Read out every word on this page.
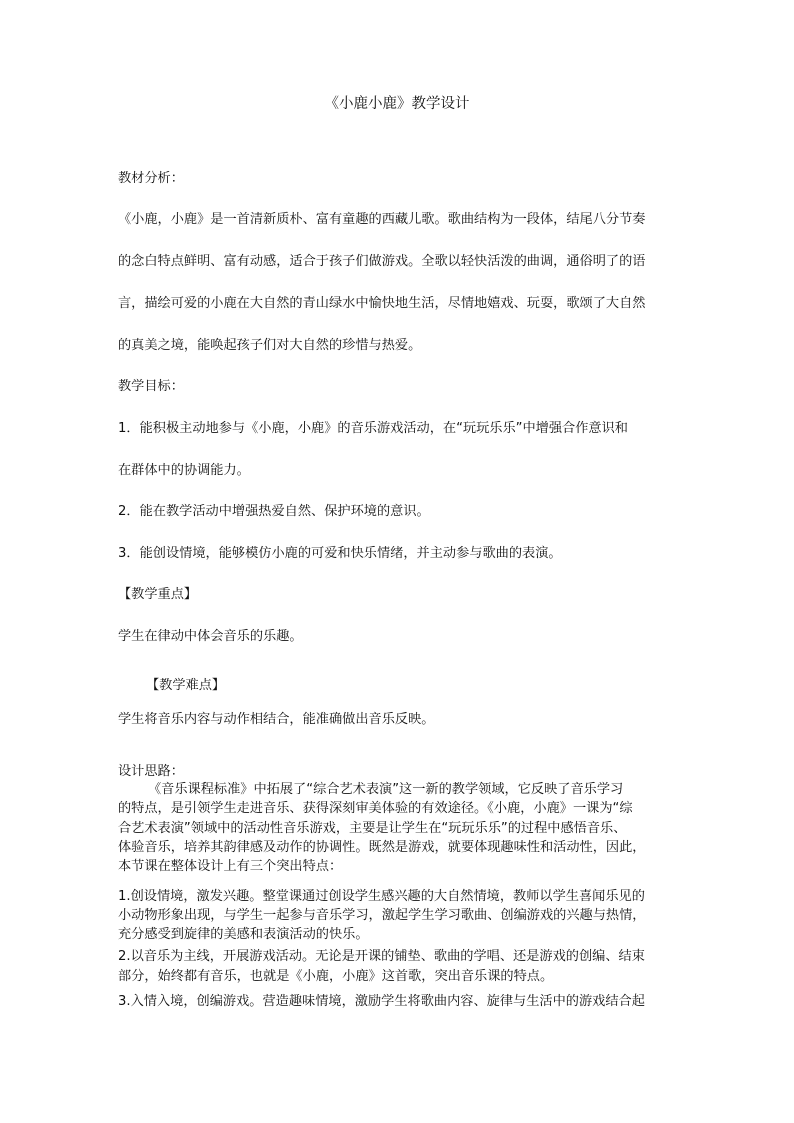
《小鹿小鹿》教学设计
教材分析：
《小鹿，小鹿》是一首清新质朴、富有童趣的西藏儿歌。歌曲结构为一段体，结尾八分节奏
的念白特点鲜明、富有动感，适合于孩子们做游戏。全歌以轻快活泼的曲调，通俗明了的语
言，描绘可爱的小鹿在大自然的青山绿水中愉快地生活，尽情地嬉戏、玩耍，歌颂了大自然
的真美之境，能唤起孩子们对大自然的珍惜与热爱。
教学目标：
1．能积极主动地参与《小鹿，小鹿》的音乐游戏活动，在“玩玩乐乐”中增强合作意识和
在群体中的协调能力。
2．能在教学活动中增强热爱自然、保护环境的意识。
3．能创设情境，能够模仿小鹿的可爱和快乐情绪，并主动参与歌曲的表演。
【教学重点】
学生在律动中体会音乐的乐趣。
【教学难点】
学生将音乐内容与动作相结合，能准确做出音乐反映。
设计思路：
《音乐课程标准》中拓展了“综合艺术表演”这一新的教学领域，它反映了音乐学习
的特点，是引领学生走进音乐、获得深刻审美体验的有效途径。《小鹿，小鹿》一课为“综
合艺术表演”领域中的活动性音乐游戏，主要是让学生在“玩玩乐乐”的过程中感悟音乐、
体验音乐，培养其韵律感及动作的协调性。既然是游戏，就要体现趣味性和活动性，因此，
本节课在整体设计上有三个突出特点：
1.创设情境，激发兴趣。整堂课通过创设学生感兴趣的大自然情境，教师以学生喜闻乐见的
小动物形象出现，与学生一起参与音乐学习，激起学生学习歌曲、创编游戏的兴趣与热情，
充分感受到旋律的美感和表演活动的快乐。
2.以音乐为主线，开展游戏活动。无论是开课的铺垫、歌曲的学唱、还是游戏的创编、结束
部分，始终都有音乐，也就是《小鹿，小鹿》这首歌，突出音乐课的特点。
3.入情入境，创编游戏。营造趣味情境，激励学生将歌曲内容、旋律与生活中的游戏结合起
